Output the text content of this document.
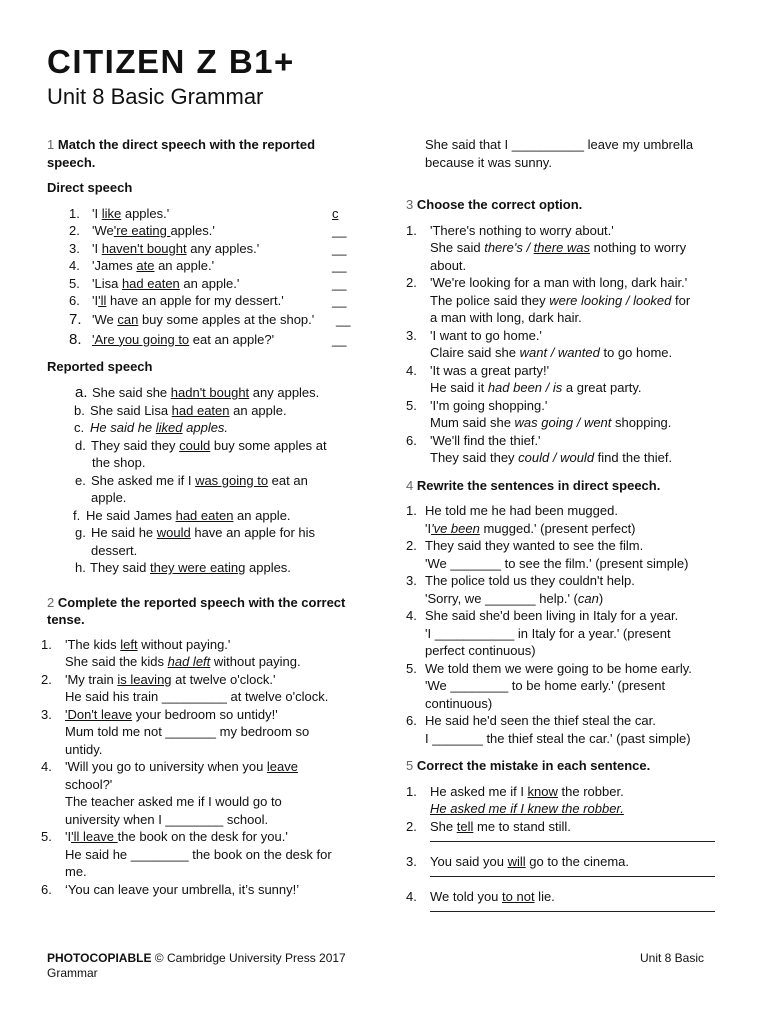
CITIZEN Z B1+
Unit 8 Basic Grammar

1 Match the direct speech with the reported speech.

Direct speech

1. 'I like apples.'	c
2. 'We're eating apples.'	__
3. 'I haven't bought any apples.'	__
4. 'James ate an apple.'	__
5. 'Lisa had eaten an apple.'	__
6. 'I'll have an apple for my dessert.'	__
7. 'We can buy some apples at the shop.' __
8. 'Are you going to eat an apple?'	__

Reported speech

a. She said she hadn't bought any apples.
b. She said Lisa had eaten an apple.
c. He said he liked apples.
d. They said they could buy some apples at
the shop.
e. She asked me if I was going to eat an
apple.
f. He said James had eaten an apple.
g. He said he would have an apple for his
dessert.
h. They said they were eating apples.

2 Complete the reported speech with the correct tense.

1. 'The kids left without paying.'
She said the kids had left without paying.
2. 'My train is leaving at twelve o'clock.'
He said his train _________ at twelve o'clock.
3. 'Don't leave your bedroom so untidy!'
Mum told me not _______ my bedroom so
untidy.
4. 'Will you go to university when you leave
school?'
The teacher asked me if I would go to
university when I ________ school.
5. 'I'll leave the book on the desk for you.'
He said he ________ the book on the desk for
me.
6. ‘You can leave your umbrella, it’s sunny!’
She said that I __________ leave my umbrella
because it was sunny.

3 Choose the correct option.

1. 'There's nothing to worry about.'
She said there's / there was nothing to worry
about.
2. 'We're looking for a man with long, dark hair.'
The police said they were looking / looked for
a man with long, dark hair.
3. 'I want to go home.'
Claire said she want / wanted to go home.
4. 'It was a great party!'
He said it had been / is a great party.
5. 'I'm going shopping.'
Mum said she was going / went shopping.
6. 'We'll find the thief.'
They said they could / would find the thief.

4 Rewrite the sentences in direct speech.

1. He told me he had been mugged.
'I've been mugged.' (present perfect)
2. They said they wanted to see the film.
'We _______ to see the film.' (present simple)
3. The police told us they couldn't help.
'Sorry, we _______ help.' (can)
4. She said she'd been living in Italy for a year.
'I ___________ in Italy for a year.' (present
perfect continuous)
5. We told them we were going to be home early.
'We ________ to be home early.' (present
continuous)
6. He said he'd seen the thief steal the car.
I _______ the thief steal the car.' (past simple)

5 Correct the mistake in each sentence.

1. He asked me if I know the robber.
He asked me if I knew the robber.
2. She tell me to stand still.
3. You said you will go to the cinema.
4. We told you to not lie.
PHOTOCOPIABLE © Cambridge University Press 2017
Grammar
Unit 8 Basic
